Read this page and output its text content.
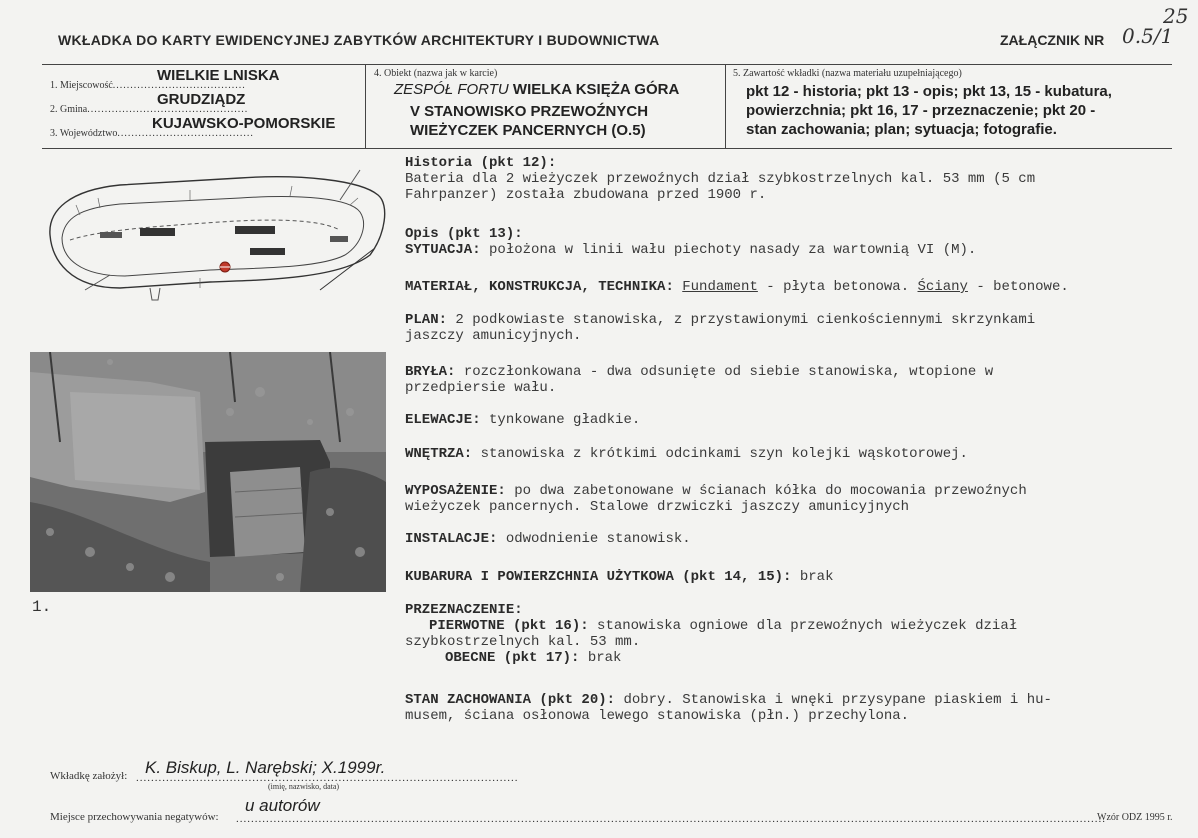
25
WKŁADKA DO KARTY EWIDENCYJNEJ ZABYTKÓW ARCHITEKTURY I BUDOWNICTWA	ZAŁĄCZNIK NR 0.5/1
1. Miejscowość......................................
WIELKIE LNISKA
2. Gmina..............................................
GRUDZIĄDZ
3. Województwo.......................................
KUJAWSKO-POMORSKIE
4. Obiekt (nazwa jak w karcie)
ZESPÓŁ FORTU WIELKA KSIĘŻA GÓRA
V STANOWISKO PRZEWOŹNYCH
WIEŻYCZEK PANCERNYCH (O.5)
5. Zawartość wkładki (nazwa materiału uzupełniającego)
pkt 12 - historia; pkt 13 - opis; pkt 13, 15 - kubatura,
powierzchnia; pkt 16, 17 - przeznaczenie; pkt 20 -
stan zachowania; plan; sytuacja; fotografie.
1.
Historia (pkt 12):
Bateria dla 2 wieżyczek przewoźnych dział szybkostrzelnych kal. 53 mm (5 cm
Fahrpanzer) została zbudowana przed 1900 r.
Opis (pkt 13):
SYTUACJA: położona w linii wału piechoty nasady za wartownią VI (M).
MATERIAŁ, KONSTRUKCJA, TECHNIKA: Fundament - płyta betonowa. Ściany - betonowe.
PLAN: 2 podkowiaste stanowiska, z przystawionymi cienkościennymi skrzynkami
jaszczy amunicyjnych.
BRYŁA: rozczłonkowana - dwa odsunięte od siebie stanowiska, wtopione w
przedpiersie wału.
ELEWACJE: tynkowane gładkie.
WNĘTRZA: stanowiska z krótkimi odcinkami szyn kolejki wąskotorowej.
WYPOSAŻENIE: po dwa zabetonowane w ścianach kółka do mocowania przewoźnych
wieżyczek pancernych. Stalowe drzwiczki jaszczy amunicyjnych
INSTALACJE: odwodnienie stanowisk.
KUBARURA I POWIERZCHNIA UŻYTKOWA (pkt 14, 15): brak
PRZEZNACZENIE:
PIERWOTNE (pkt 16): stanowiska ogniowe dla przewoźnych wieżyczek dział
szybkostrzelnych kal. 53 mm.
OBECNE (pkt 17): brak
STAN ZACHOWANIA (pkt 20): dobry. Stanowiska i wnęki przysypane piaskiem i hu-
musem, ściana osłonowa lewego stanowiska (płn.) przechylona.
Wkładkę założył: ......................................................................................................
K. Biskup, L. Narębski; X.1999r.
(imię, nazwisko, data)
Miejsce przechowywania negatywów: ........................................................................................................................................................................................................................................
u autorów
Wzór ODZ 1995 r.
